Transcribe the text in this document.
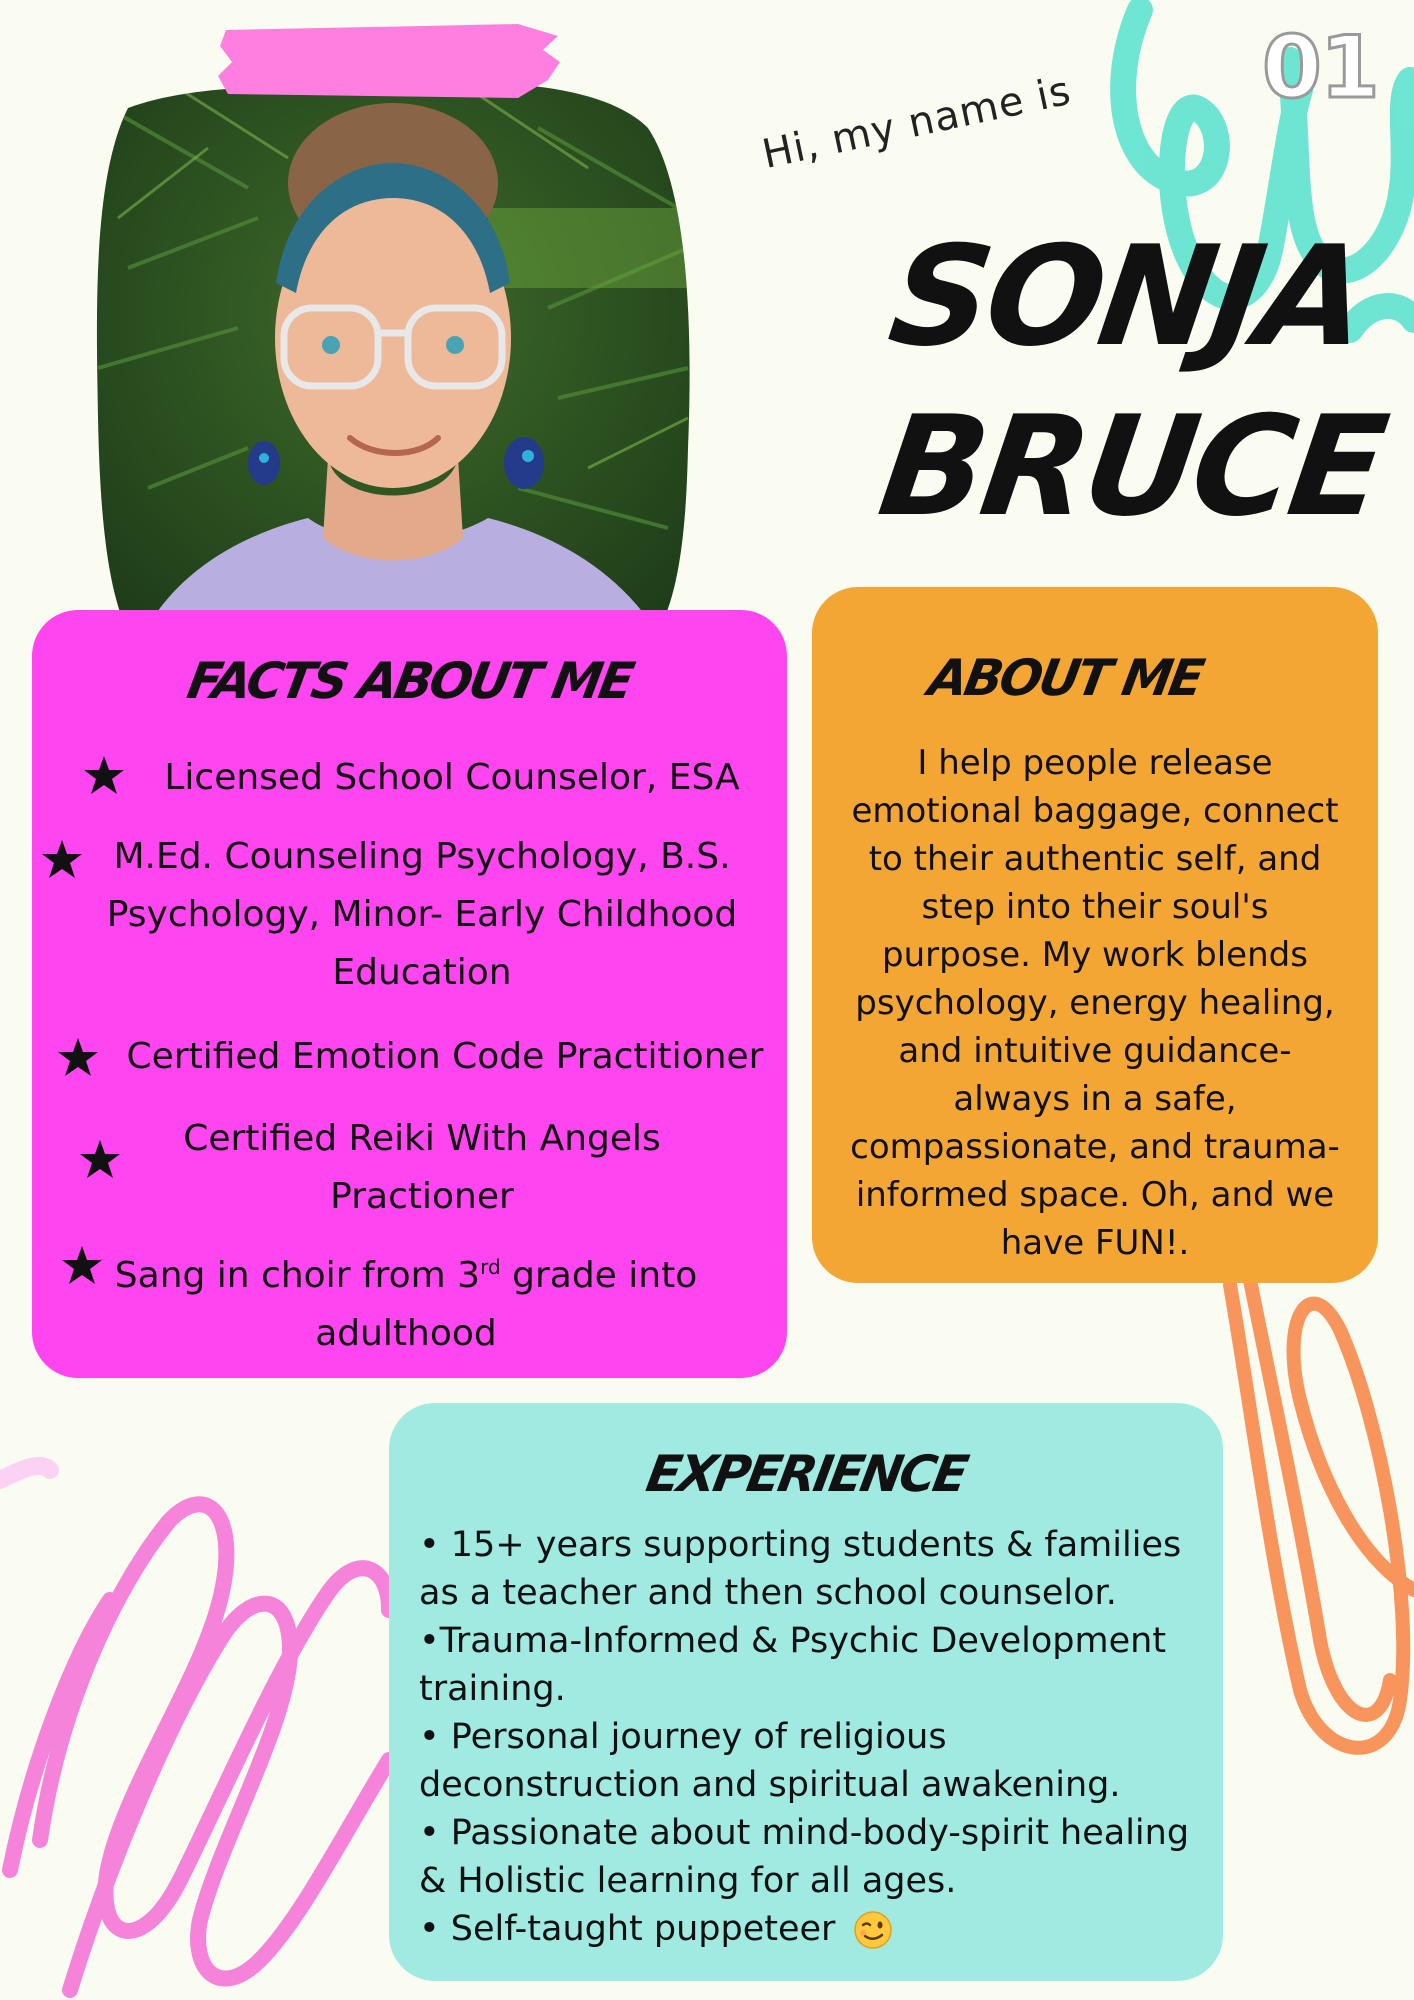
01
Hi, my name is
SONJA
BRUCE
FACTS ABOUT ME
Licensed School Counselor, ESA
M.Ed. Counseling Psychology, B.S.
Psychology, Minor- Early Childhood
Education
Certified Emotion Code Practitioner
Certified Reiki With Angels
Practioner
Sang in choir from 3rd grade into
adulthood
ABOUT ME
I help people release
emotional baggage, connect
to their authentic self, and
step into their soul's
purpose. My work blends
psychology, energy healing,
and intuitive guidance-
always in a safe,
compassionate, and trauma-
informed space. Oh, and we
have FUN!.
EXPERIENCE
• 15+ years supporting students & families
as a teacher and then school counselor.
•Trauma-Informed & Psychic Development
training.
• Personal journey of religious
deconstruction and spiritual awakening.
• Passionate about mind-body-spirit healing
& Holistic learning for all ages.
• Self-taught puppeteer
